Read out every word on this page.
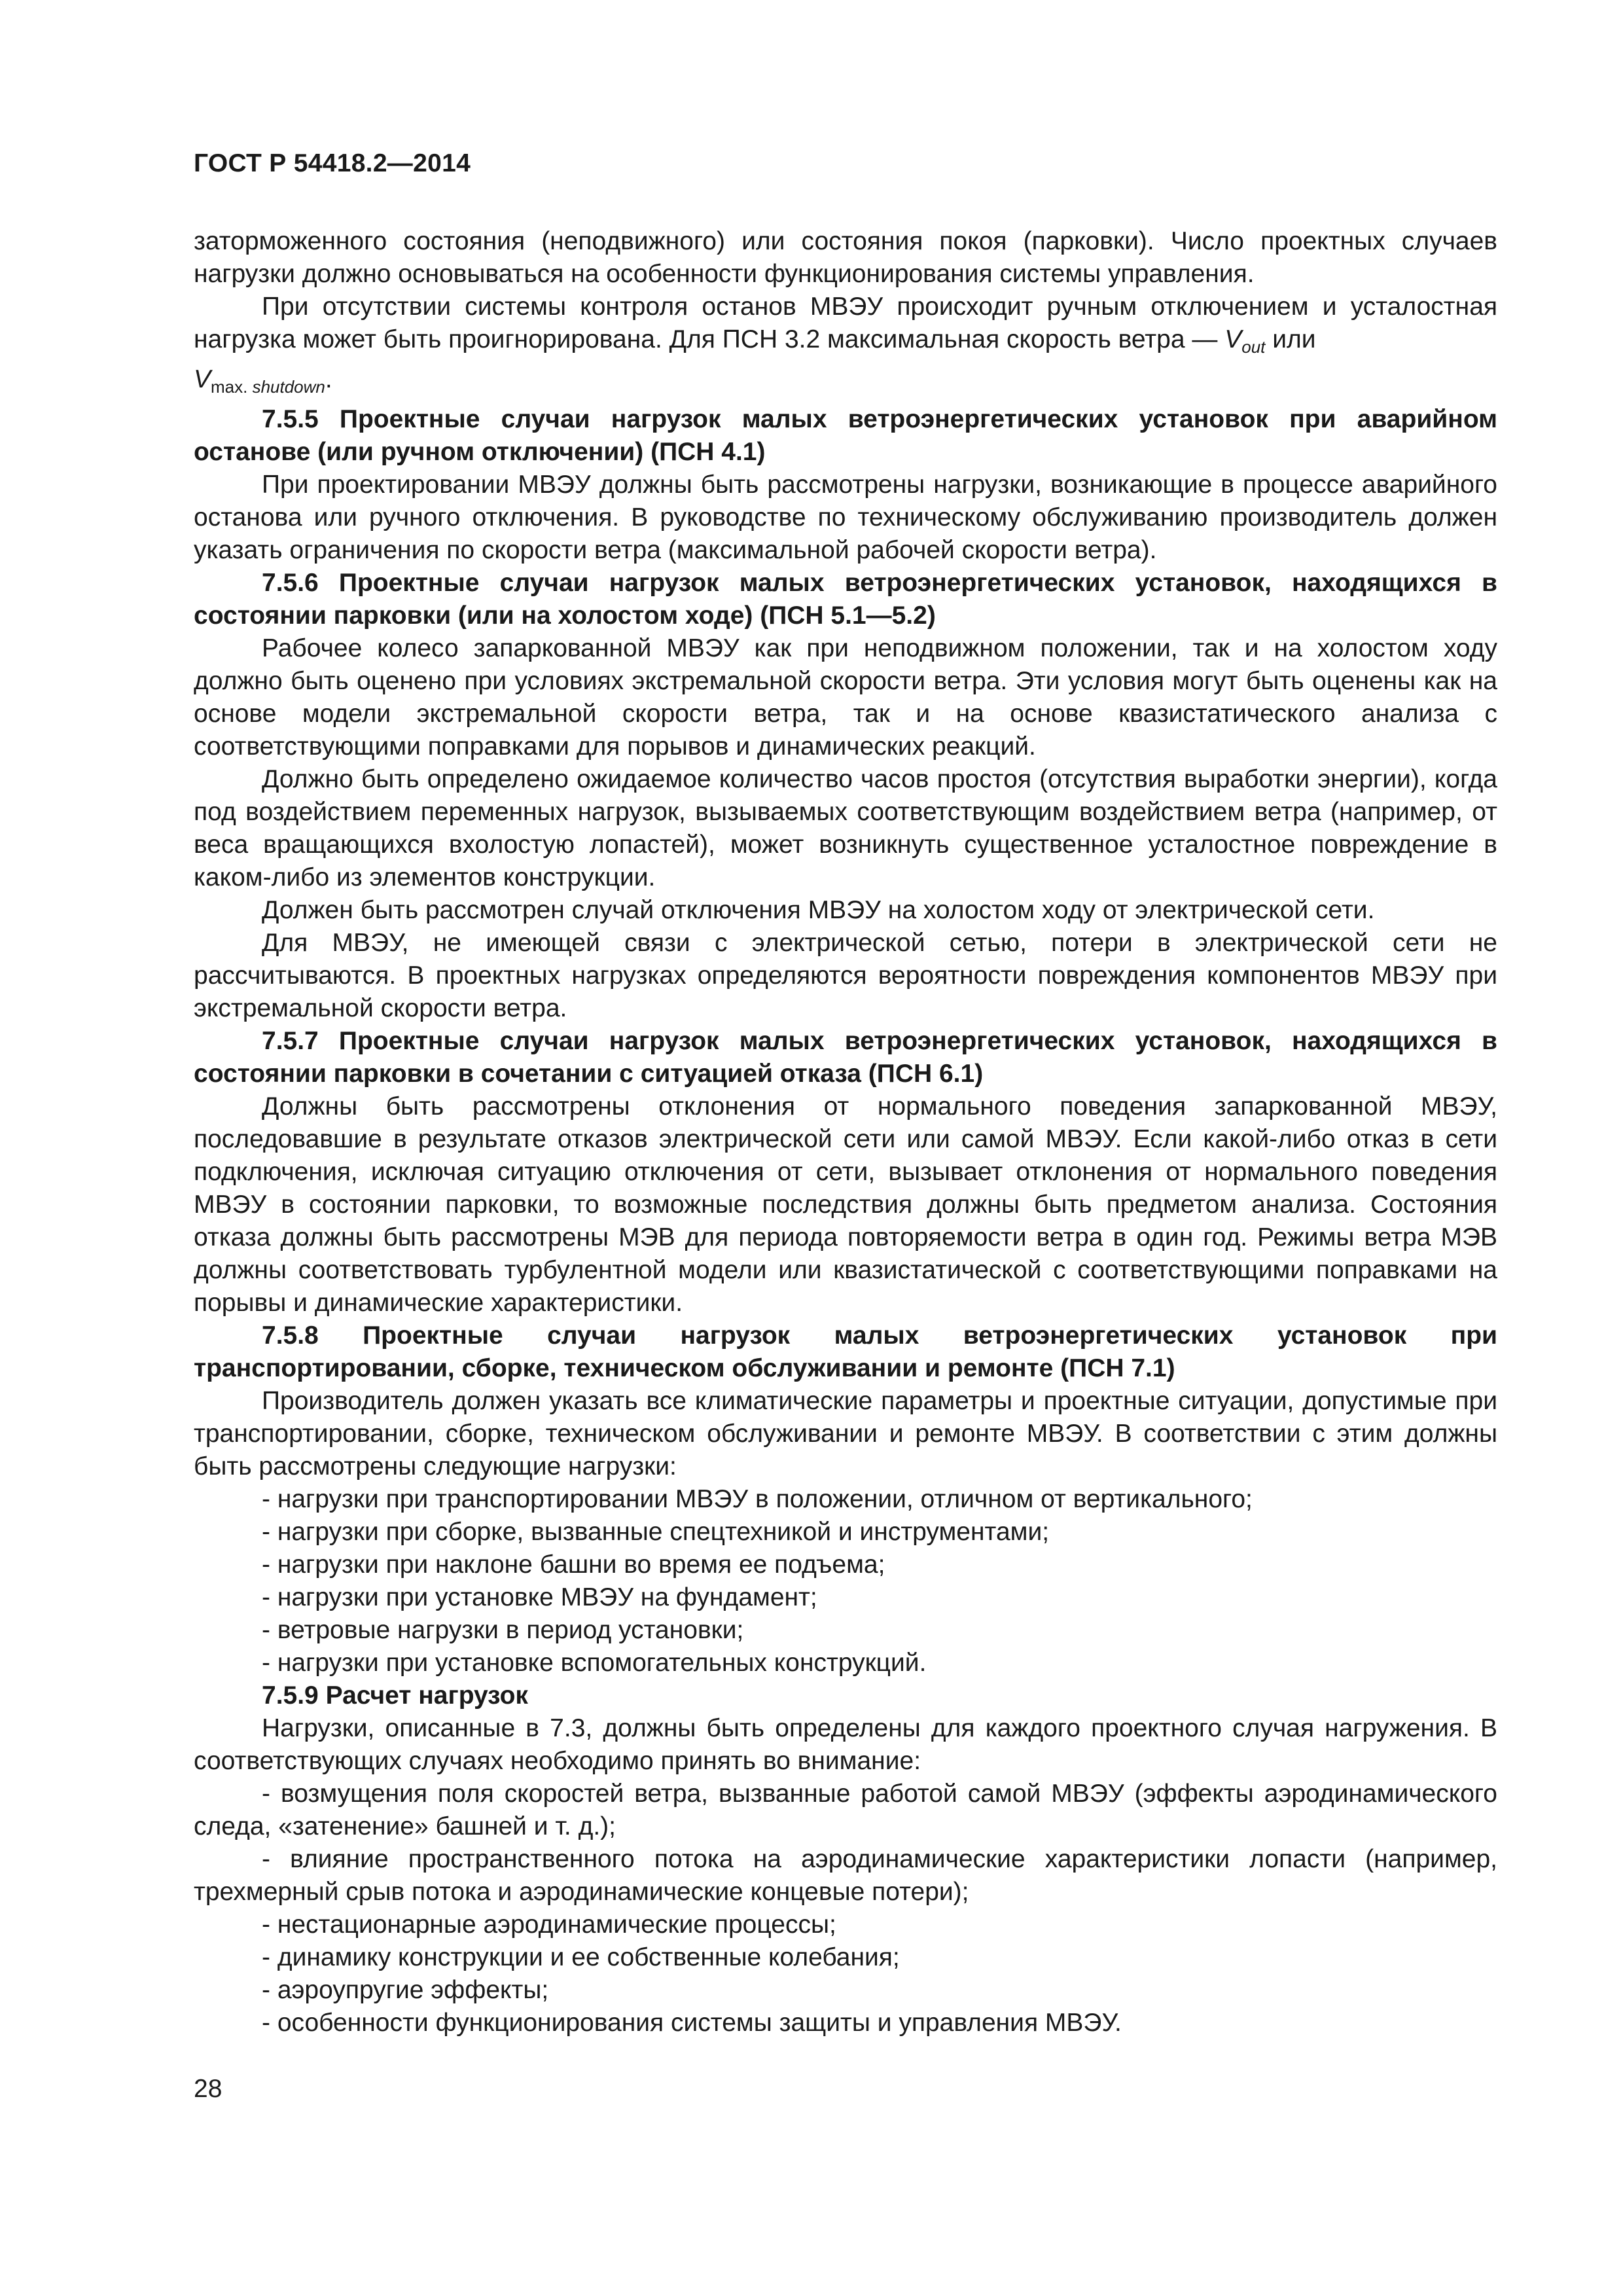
ГОСТ Р 54418.2—2014

заторможенного состояния (неподвижного) или состояния покоя (парковки). Число проектных случаев нагрузки должно основываться на особенности функционирования системы управления.

При отсутствии системы контроля останов МВЭУ происходит ручным отключением и усталостная нагрузка может быть проигнорирована. Для ПСН 3.2 максимальная скорость ветра — $V_{out}$ или
$V_{max. shutdown}$.

7.5.5 Проектные случаи нагрузок малых ветроэнергетических установок при аварийном останове (или ручном отключении) (ПСН 4.1)

При проектировании МВЭУ должны быть рассмотрены нагрузки, возникающие в процессе аварийного останова или ручного отключения. В руководстве по техническому обслуживанию производитель должен указать ограничения по скорости ветра (максимальной рабочей скорости ветра).

7.5.6 Проектные случаи нагрузок малых ветроэнергетических установок, находящихся в состоянии парковки (или на холостом ходе) (ПСН 5.1—5.2)

Рабочее колесо запаркованной МВЭУ как при неподвижном положении, так и на холостом ходу должно быть оценено при условиях экстремальной скорости ветра. Эти условия могут быть оценены как на основе модели экстремальной скорости ветра, так и на основе квазистатического анализа с соответствующими поправками для порывов и динамических реакций.

Должно быть определено ожидаемое количество часов простоя (отсутствия выработки энергии), когда под воздействием переменных нагрузок, вызываемых соответствующим воздействием ветра (например, от веса вращающихся вхолостую лопастей), может возникнуть существенное усталостное повреждение в каком-либо из элементов конструкции.

Должен быть рассмотрен случай отключения МВЭУ на холостом ходу от электрической сети.

Для МВЭУ, не имеющей связи с электрической сетью, потери в электрической сети не рассчитываются. В проектных нагрузках определяются вероятности повреждения компонентов МВЭУ при экстремальной скорости ветра.

7.5.7 Проектные случаи нагрузок малых ветроэнергетических установок, находящихся в состоянии парковки в сочетании с ситуацией отказа (ПСН 6.1)

Должны быть рассмотрены отклонения от нормального поведения запаркованной МВЭУ, последовавшие в результате отказов электрической сети или самой МВЭУ. Если какой-либо отказ в сети подключения, исключая ситуацию отключения от сети, вызывает отклонения от нормального поведения МВЭУ в состоянии парковки, то возможные последствия должны быть предметом анализа. Состояния отказа должны быть рассмотрены МЭВ для периода повторяемости ветра в один год. Режимы ветра МЭВ должны соответствовать турбулентной модели или квазистатической с соответствующими поправками на порывы и динамические характеристики.

7.5.8 Проектные случаи нагрузок малых ветроэнергетических установок при транспортировании, сборке, техническом обслуживании и ремонте (ПСН 7.1)

Производитель должен указать все климатические параметры и проектные ситуации, допустимые при транспортировании, сборке, техническом обслуживании и ремонте МВЭУ. В соответствии с этим должны быть рассмотрены следующие нагрузки:

- нагрузки при транспортировании МВЭУ в положении, отличном от вертикального;

- нагрузки при сборке, вызванные спецтехникой и инструментами;

- нагрузки при наклоне башни во время ее подъема;

- нагрузки при установке МВЭУ на фундамент;

- ветровые нагрузки в период установки;

- нагрузки при установке вспомогательных конструкций.

7.5.9 Расчет нагрузок

Нагрузки, описанные в 7.3, должны быть определены для каждого проектного случая нагружения. В соответствующих случаях необходимо принять во внимание:

- возмущения поля скоростей ветра, вызванные работой самой МВЭУ (эффекты аэродинамического следа, «затенение» башней и т. д.);

- влияние пространственного потока на аэродинамические характеристики лопасти (например, трехмерный срыв потока и аэродинамические концевые потери);

- нестационарные аэродинамические процессы;

- динамику конструкции и ее собственные колебания;

- аэроупругие эффекты;

- особенности функционирования системы защиты и управления МВЭУ.

28
